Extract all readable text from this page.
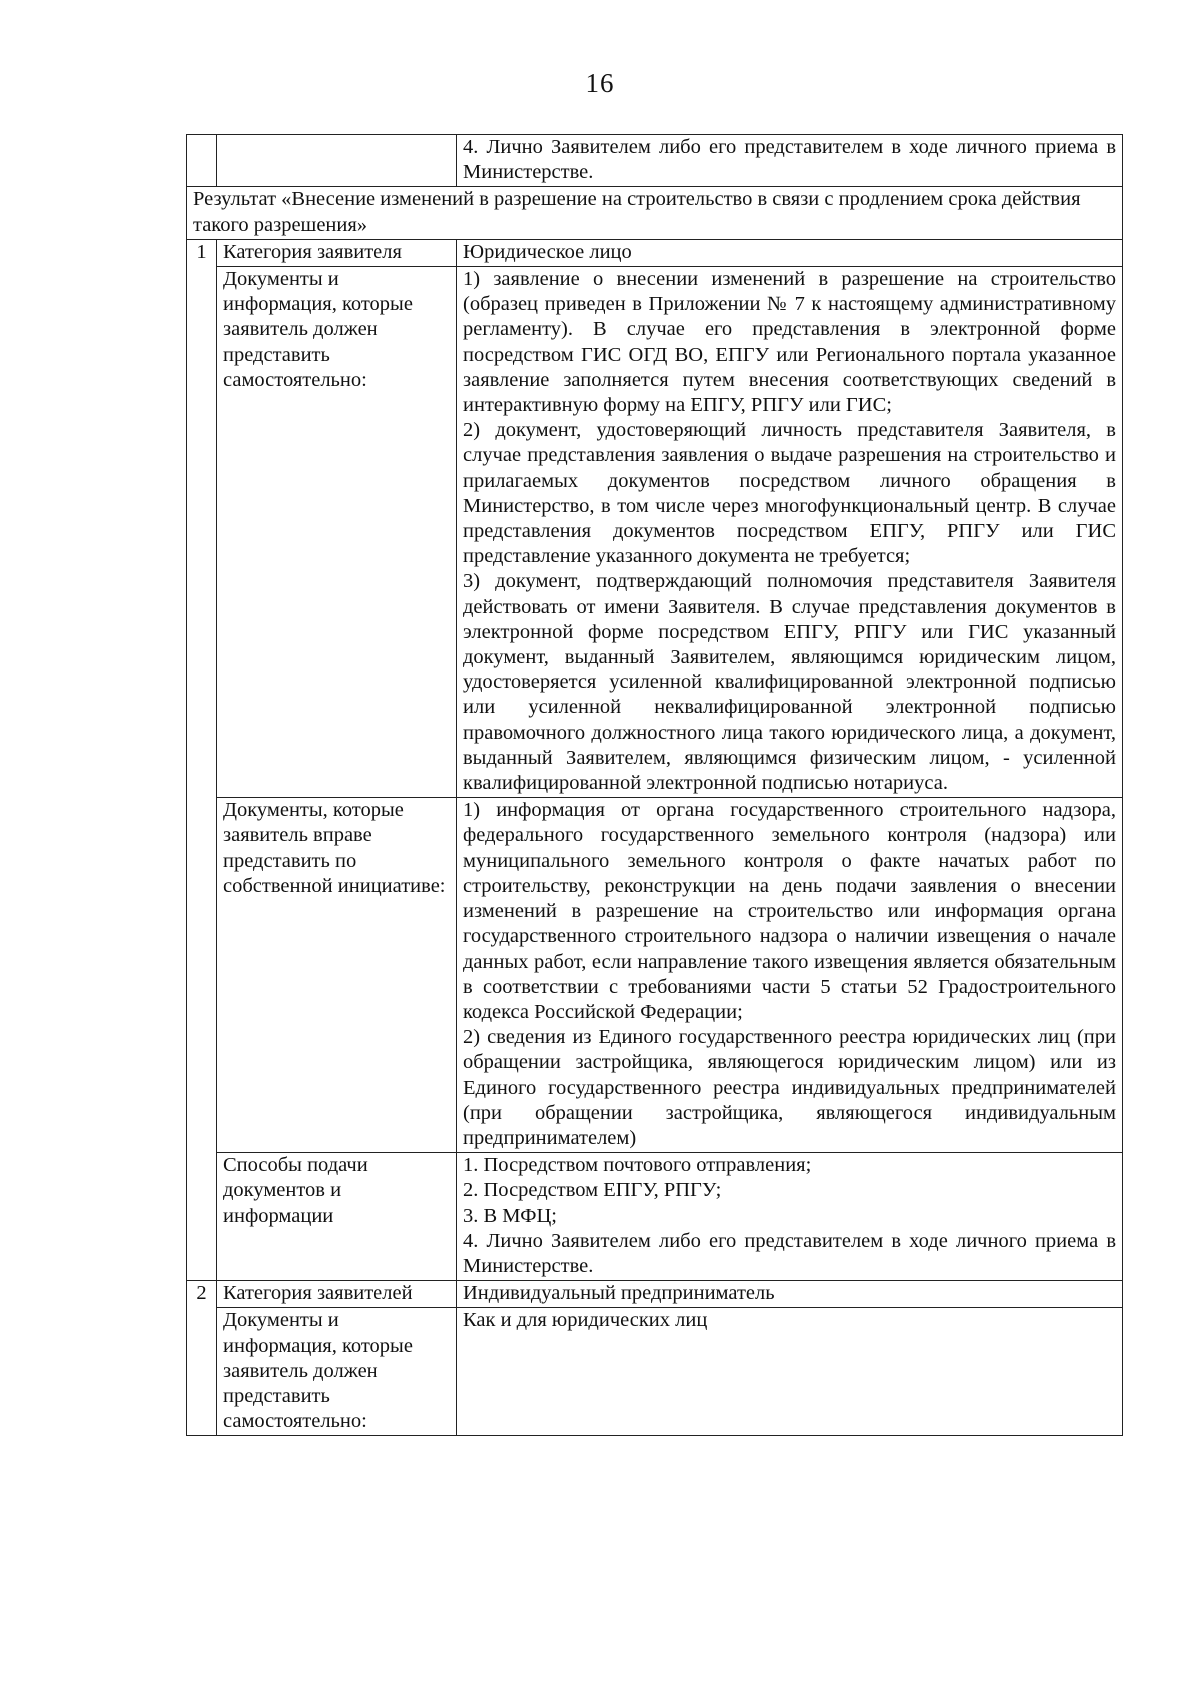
16
		4. Лично Заявителем либо его представителем в ходе личного приема в Министерстве.
Результат «Внесение изменений в разрешение на строительство в связи с продлением срока действия такого разрешения»		
1	Категория заявителя	Юридическое лицо
	Документы и информация, которые заявитель должен представить самостоятельно:	1) заявление о внесении изменений в разрешение на строительство (образец приведен в Приложении № 7 к настоящему административному регламенту). В случае его представления в электронной форме посредством ГИС ОГД ВО, ЕПГУ или Регионального портала указанное заявление заполняется путем внесения соответствующих сведений в интерактивную форму на ЕПГУ, РПГУ или ГИС;
2) документ, удостоверяющий личность представителя Заявителя, в случае представления заявления о выдаче разрешения на строительство и прилагаемых документов посредством личного обращения в Министерство, в том числе через многофункциональный центр. В случае представления документов посредством ЕПГУ, РПГУ или ГИС представление указанного документа не требуется;
3) документ, подтверждающий полномочия представителя Заявителя действовать от имени Заявителя. В случае представления документов в электронной форме посредством ЕПГУ, РПГУ или ГИС указанный документ, выданный Заявителем, являющимся юридическим лицом, удостоверяется усиленной квалифицированной электронной подписью или усиленной неквалифицированной электронной подписью правомочного должностного лица такого юридического лица, а документ, выданный Заявителем, являющимся физическим лицом, - усиленной квалифицированной электронной подписью нотариуса.

	Документы, которые заявитель вправе представить по собственной инициативе:	1) информация от органа государственного строительного надзора, федерального государственного земельного контроля (надзора) или муниципального земельного контроля о факте начатых работ по строительству, реконструкции на день подачи заявления о внесении изменений в разрешение на строительство или информация органа государственного строительного надзора о наличии извещения о начале данных работ, если направление такого извещения является обязательным в соответствии с требованиями части 5 статьи 52 Градостроительного кодекса Российской Федерации;
2) сведения из Единого государственного реестра юридических лиц (при обращении застройщика, являющегося юридическим лицом) или из Единого государственного реестра индивидуальных предпринимателей (при обращении застройщика, являющегося индивидуальным предпринимателем)

	Способы подачи документов и информации	1. Посредством почтового отправления;
2. Посредством ЕПГУ, РПГУ;
3. В МФЦ;
4. Лично Заявителем либо его представителем в ходе личного приема в Министерстве.

2	Категория заявителей	Индивидуальный предприниматель
	Документы и информация, которые заявитель должен представить самостоятельно:	Как и для юридических лиц
